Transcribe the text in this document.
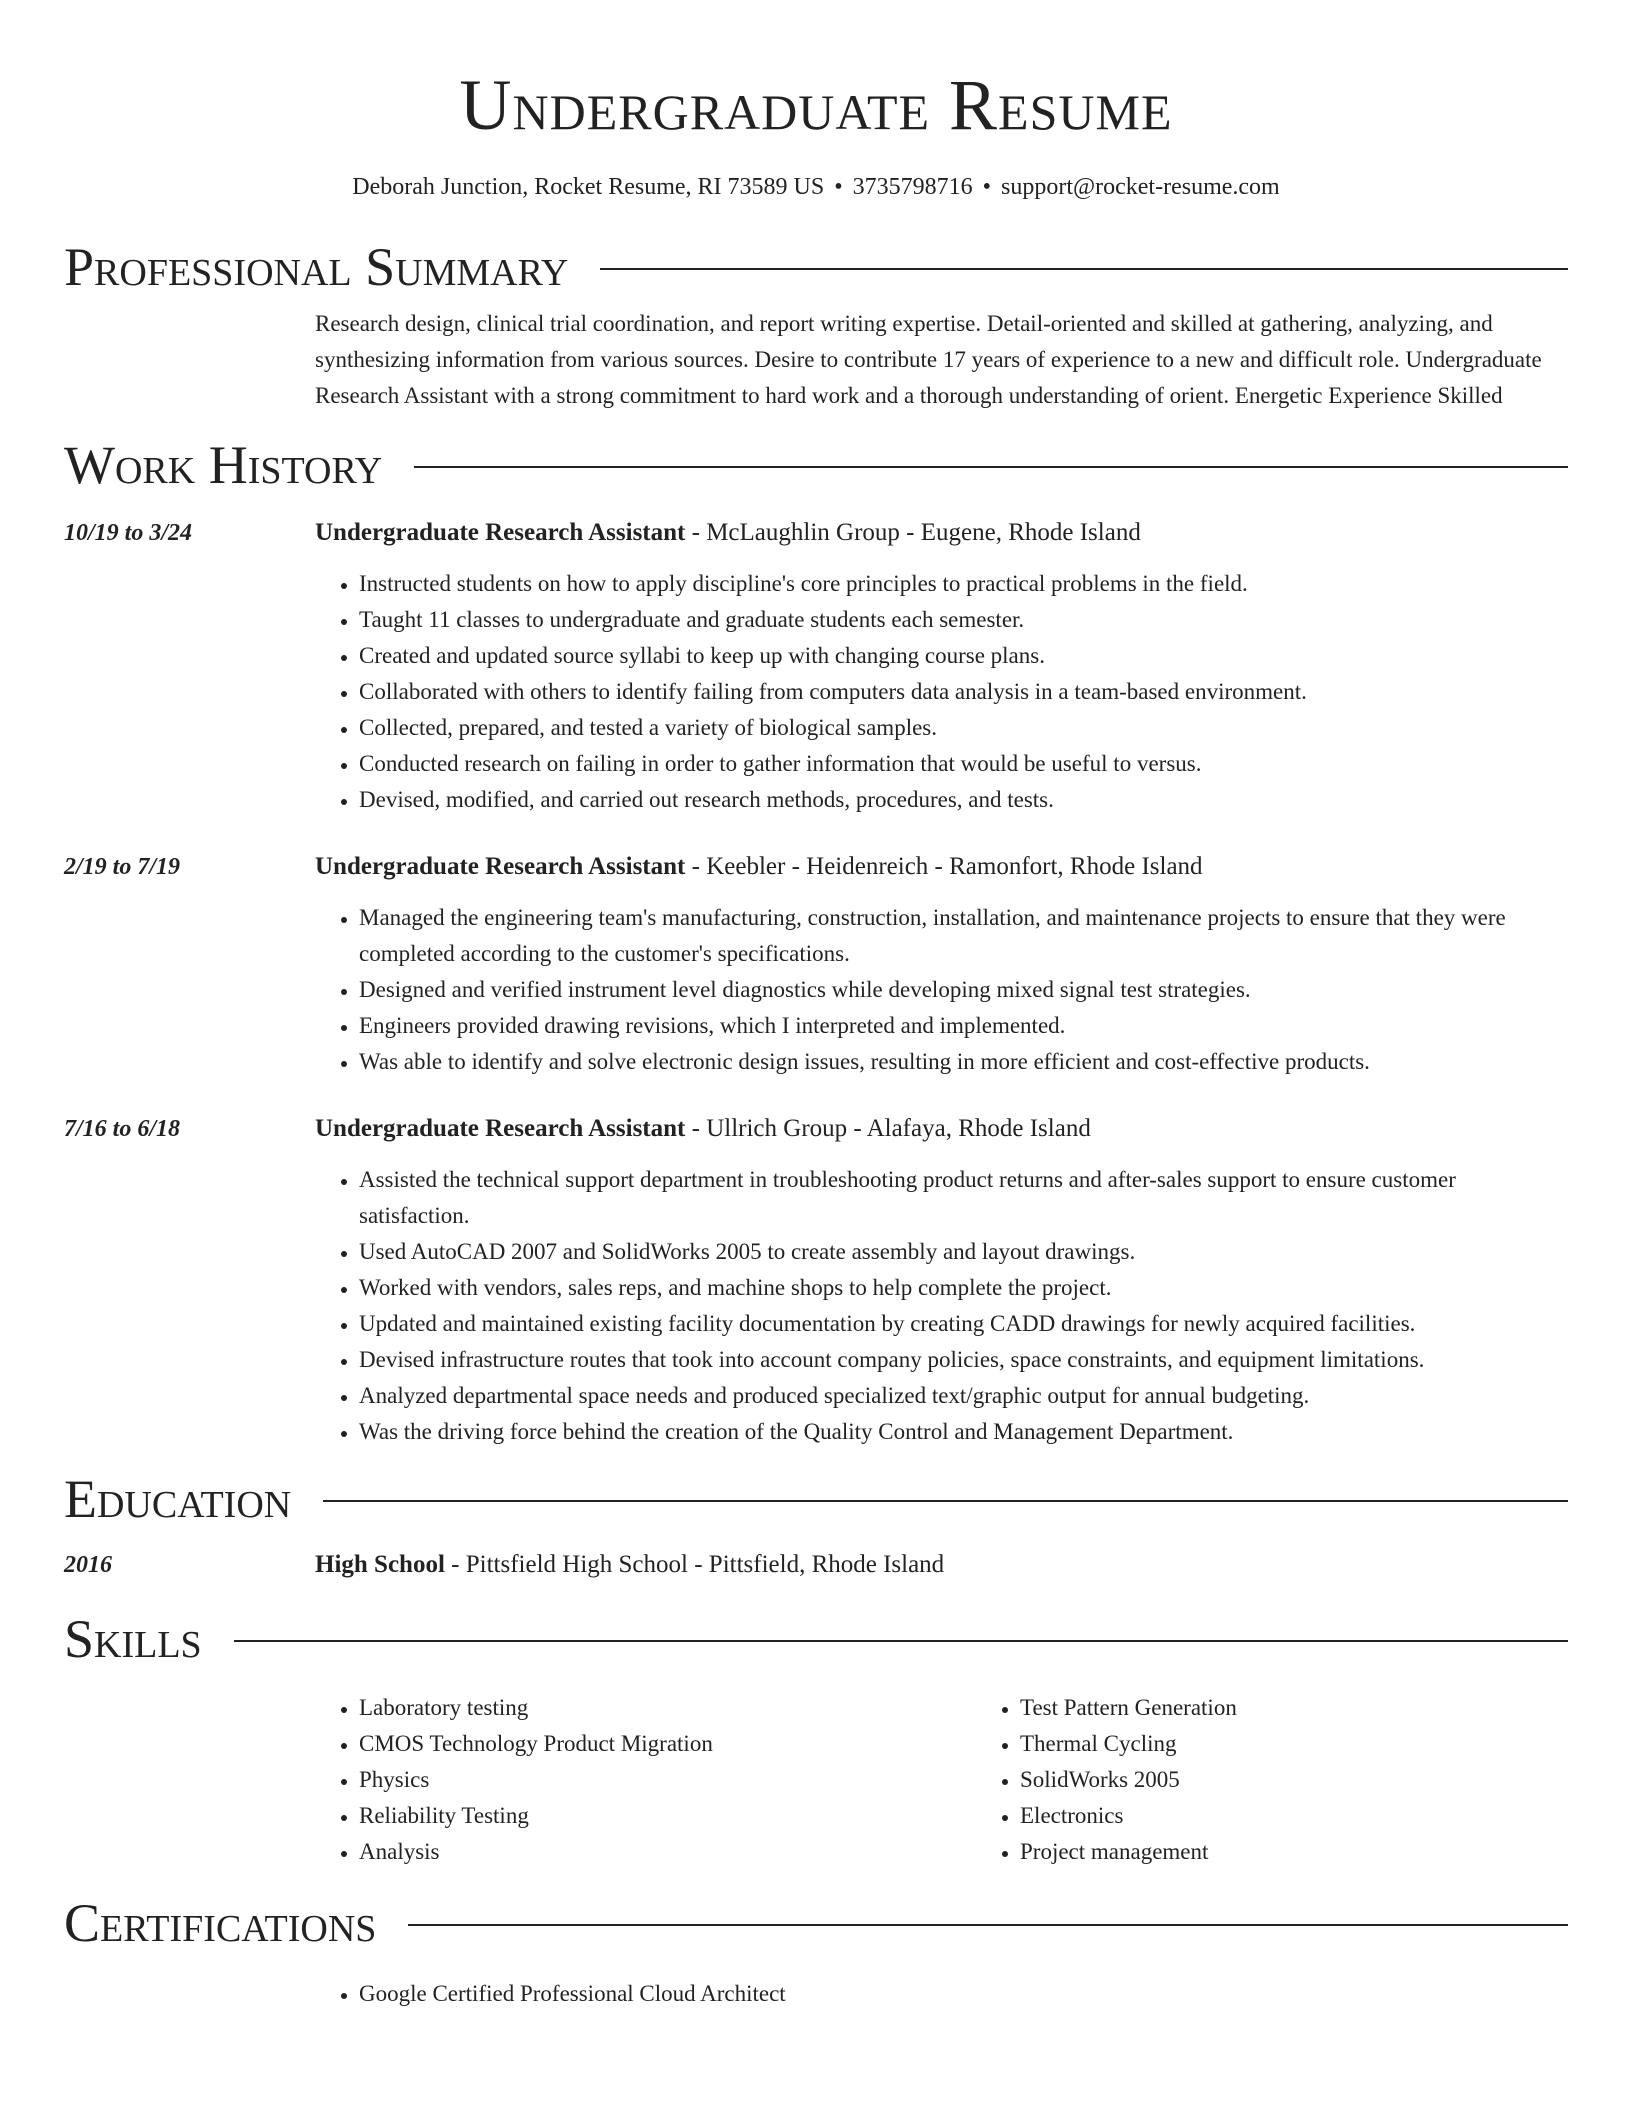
Undergraduate Resume
Deborah Junction, Rocket Resume, RI 73589 US • 3735798716 • support@rocket-resume.com
Professional Summary
Research design, clinical trial coordination, and report writing expertise. Detail-oriented and skilled at gathering, analyzing, and synthesizing information from various sources. Desire to contribute 17 years of experience to a new and difficult role. Undergraduate Research Assistant with a strong commitment to hard work and a thorough understanding of orient. Energetic Experience Skilled
Work History
10/19 to 3/24	Undergraduate Research Assistant - McLaughlin Group - Eugene, Rhode Island
• Instructed students on how to apply discipline's core principles to practical problems in the field.
• Taught 11 classes to undergraduate and graduate students each semester.
• Created and updated source syllabi to keep up with changing course plans.
• Collaborated with others to identify failing from computers data analysis in a team-based environment.
• Collected, prepared, and tested a variety of biological samples.
• Conducted research on failing in order to gather information that would be useful to versus.
• Devised, modified, and carried out research methods, procedures, and tests.
2/19 to 7/19	Undergraduate Research Assistant - Keebler - Heidenreich - Ramonfort, Rhode Island
• Managed the engineering team's manufacturing, construction, installation, and maintenance projects to ensure that they were completed according to the customer's specifications.
• Designed and verified instrument level diagnostics while developing mixed signal test strategies.
• Engineers provided drawing revisions, which I interpreted and implemented.
• Was able to identify and solve electronic design issues, resulting in more efficient and cost-effective products.
7/16 to 6/18	Undergraduate Research Assistant - Ullrich Group - Alafaya, Rhode Island
• Assisted the technical support department in troubleshooting product returns and after-sales support to ensure customer satisfaction.
• Used AutoCAD 2007 and SolidWorks 2005 to create assembly and layout drawings.
• Worked with vendors, sales reps, and machine shops to help complete the project.
• Updated and maintained existing facility documentation by creating CADD drawings for newly acquired facilities.
• Devised infrastructure routes that took into account company policies, space constraints, and equipment limitations.
• Analyzed departmental space needs and produced specialized text/graphic output for annual budgeting.
• Was the driving force behind the creation of the Quality Control and Management Department.
Education
2016	High School - Pittsfield High School - Pittsfield, Rhode Island
Skills
• Laboratory testing
• CMOS Technology Product Migration
• Physics
• Reliability Testing
• Analysis
• Test Pattern Generation
• Thermal Cycling
• SolidWorks 2005
• Electronics
• Project management
Certifications
• Google Certified Professional Cloud Architect
